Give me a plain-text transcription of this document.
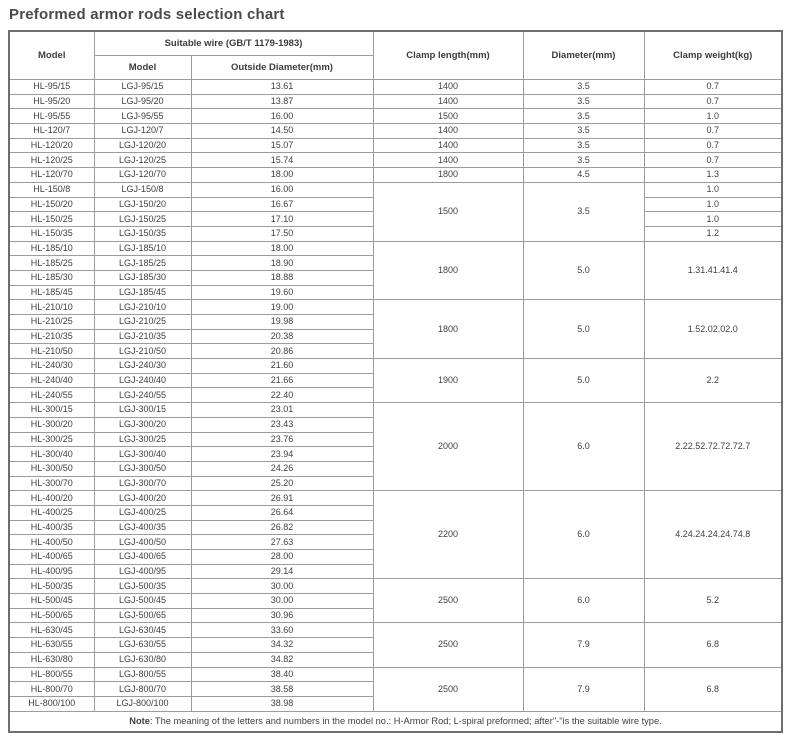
Preformed armor rods selection chart
Model	Suitable wire (GB/T 1179-1983)		Clamp length(mm)	Diameter(mm)	Clamp weight(kg)
	Model	Outside Diameter(mm)			
HL-95/15	LGJ-95/15	13.61	1400	3.5	0.7
HL-95/20	LGJ-95/20	13.87	1400	3.5	0.7
HL-95/55	LGJ-95/55	16.00	1500	3.5	1.0
HL-120/7	LGJ-120/7	14.50	1400	3.5	0.7
HL-120/20	LGJ-120/20	15.07	1400	3.5	0.7
HL-120/25	LGJ-120/25	15.74	1400	3.5	0.7
HL-120/70	LGJ-120/70	18.00	1800	4.5	1.3
HL-150/8	LGJ-150/8	16.00	1500	3.5	1.0
HL-150/20	LGJ-150/20	16.67			1.0
HL-150/25	LGJ-150/25	17.10			1.0
HL-150/35	LGJ-150/35	17.50			1.2
HL-185/10	LGJ-185/10	18.00	1800	5.0	1.31.41.41.4
HL-185/25	LGJ-185/25	18.90			
HL-185/30	LGJ-185/30	18.88			
HL-185/45	LGJ-185/45	19.60			
HL-210/10	LGJ-210/10	19.00	1800	5.0	1.52.02.02.0
HL-210/25	LGJ-210/25	19.98			
HL-210/35	LGJ-210/35	20.38			
HL-210/50	LGJ-210/50	20.86			
HL-240/30	LGJ-240/30	21.60	1900	5.0	2.2
HL-240/40	LGJ-240/40	21.66			
HL-240/55	LGJ-240/55	22.40			
HL-300/15	LGJ-300/15	23.01	2000	6.0	2.22.52.72.72.72.7
HL-300/20	LGJ-300/20	23.43			
HL-300/25	LGJ-300/25	23.76			
HL-300/40	LGJ-300/40	23.94			
HL-300/50	LGJ-300/50	24.26			
HL-300/70	LGJ-300/70	25.20			
HL-400/20	LGJ-400/20	26.91	2200	6.0	4.24.24.24.24.74.8
HL-400/25	LGJ-400/25	26.64			
HL-400/35	LGJ-400/35	26.82			
HL-400/50	LGJ-400/50	27.63			
HL-400/65	LGJ-400/65	28.00			
HL-400/95	LGJ-400/95	29.14			
HL-500/35	LGJ-500/35	30.00	2500	6.0	5.2
HL-500/45	LGJ-500/45	30.00			
HL-500/65	LGJ-500/65	30.96			
HL-630/45	LGJ-630/45	33.60	2500	7.9	6.8
HL-630/55	LGJ-630/55	34.32			
HL-630/80	LGJ-630/80	34.82			
HL-800/55	LGJ-800/55	38.40	2500	7.9	6.8
HL-800/70	LGJ-800/70	38.58			
HL-800/100	LGJ-800/100	38.98			
Note: The meaning of the letters and numbers in the model no.: H-Armor Rod; L-spiral preformed; after"-"is the suitable wire type.					
